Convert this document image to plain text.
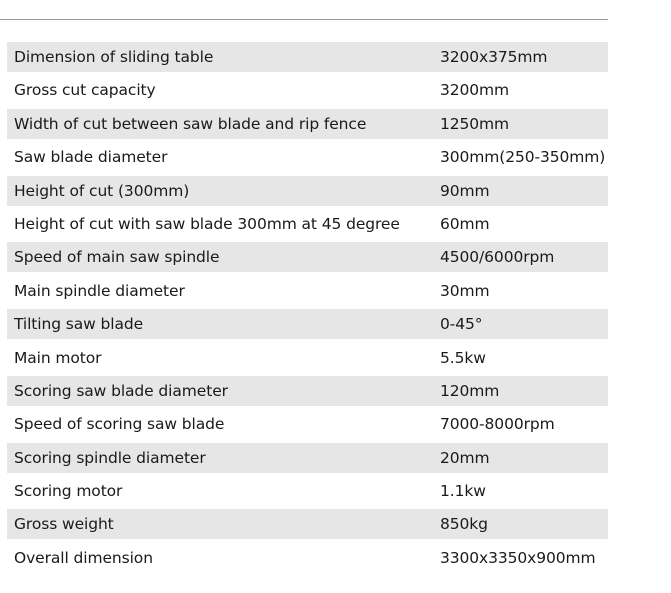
Dimension of sliding table	3200x375mm
Gross cut capacity	3200mm
Width of cut between saw blade and rip fence	1250mm
Saw blade diameter	300mm(250-350mm)
Height of cut (300mm)	90mm
Height of cut with saw blade 300mm at 45 degree	60mm
Speed of main saw spindle	4500/6000rpm
Main spindle diameter	30mm
Tilting saw blade	0-45°
Main motor	5.5kw
Scoring saw blade diameter	120mm
Speed of scoring saw blade	7000-8000rpm
Scoring spindle diameter	20mm
Scoring motor	1.1kw
Gross weight	850kg
Overall dimension	3300x3350x900mm
